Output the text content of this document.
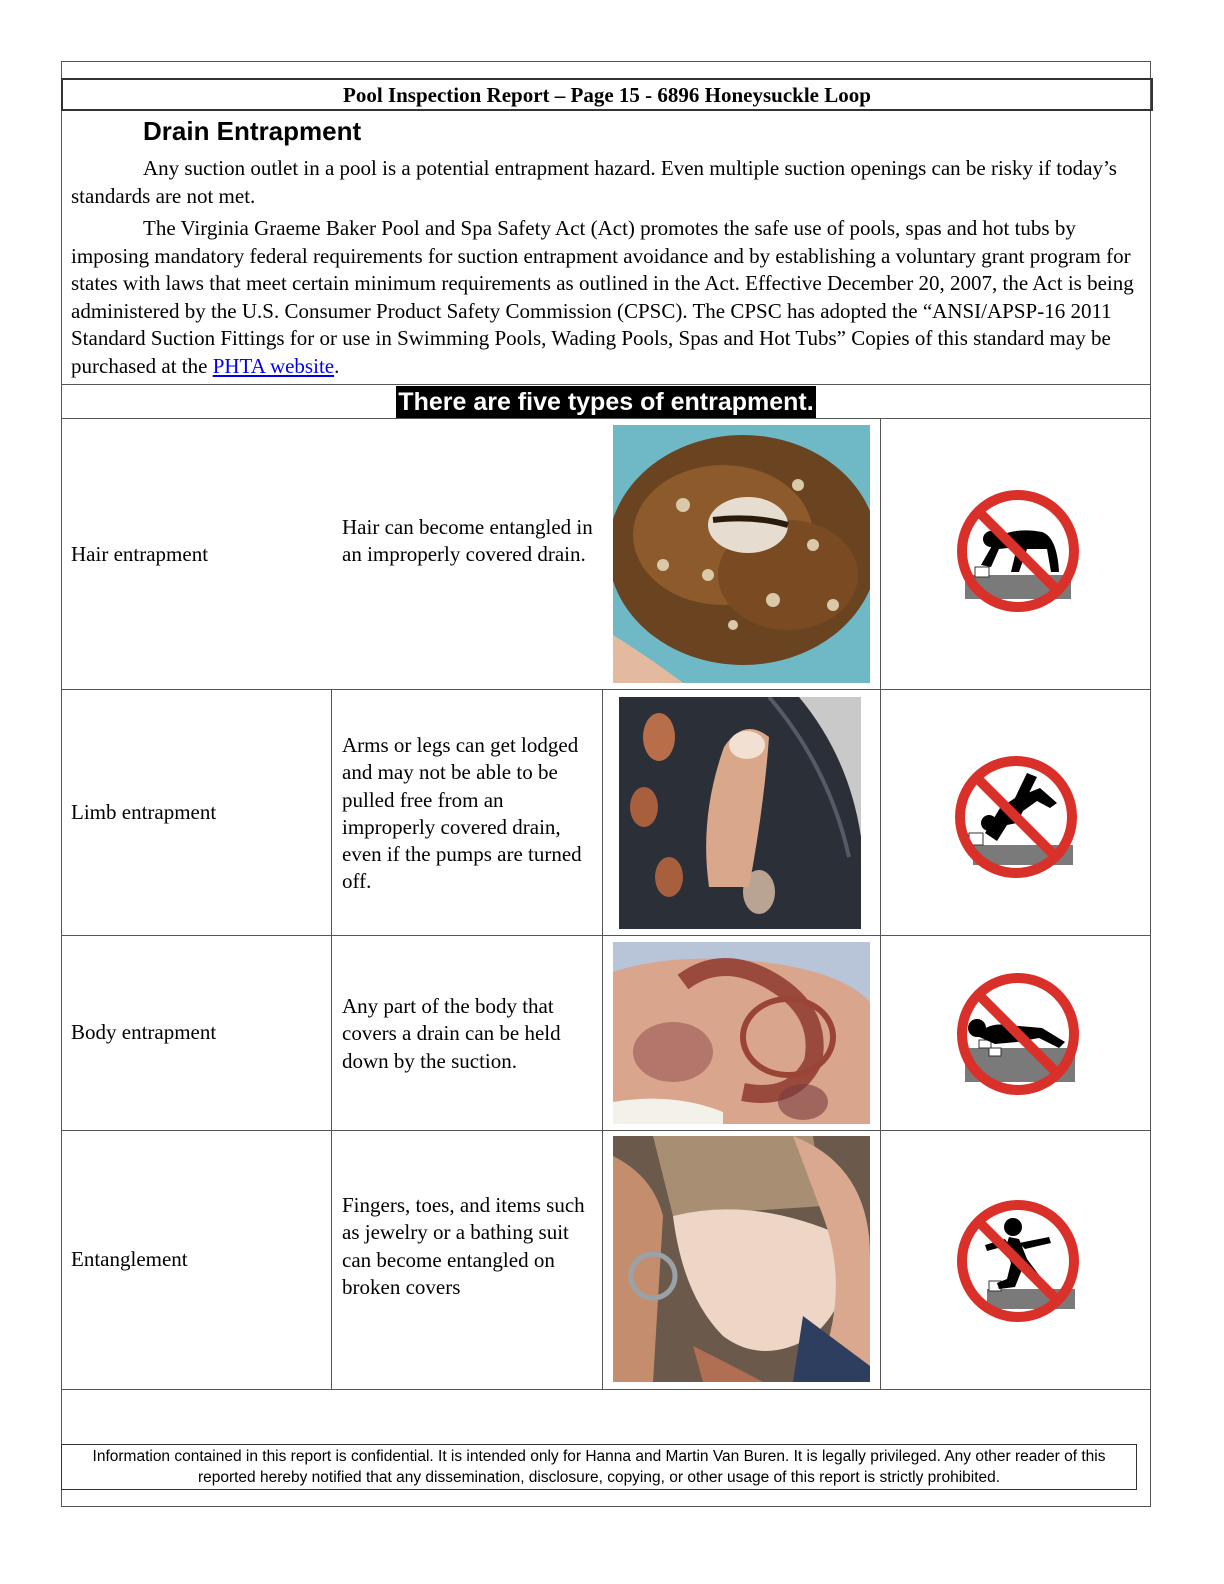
Pool Inspection Report – Page 15 - 6896 Honeysuckle Loop
Drain Entrapment

Any suction outlet in a pool is a potential entrapment hazard. Even multiple suction openings can be risky if today’s standards are not met.

The Virginia Graeme Baker Pool and Spa Safety Act (Act) promotes the safe use of pools, spas and hot tubs by imposing mandatory federal requirements for suction entrapment avoidance and by establishing a voluntary grant program for states with laws that meet certain minimum requirements as outlined in the Act. Effective December 20, 2007, the Act is being administered by the U.S. Consumer Product Safety Commission (CPSC). The CPSC has adopted the “ANSI/APSP-16 2011 Standard Suction Fittings for or use in Swimming Pools, Wading Pools, Spas and Hot Tubs” Copies of this standard may be purchased at the PHTA website.

There are five types of entrapment.
Hair entrapment
Hair can become entangled in an improperly covered drain.
Limb entrapment
Arms or legs can get lodged and may not be able to be pulled free from an improperly covered drain, even if the pumps are turned off.
Body entrapment
Any part of the body that covers a drain can be held down by the suction.
Entanglement
Fingers, toes, and items such as jewelry or a bathing suit can become entangled on broken covers
Information contained in this report is confidential. It is intended only for Hanna and Martin Van Buren. It is legally privileged. Any other reader of this reported hereby notified that any dissemination, disclosure, copying, or other usage of this report is strictly prohibited.
